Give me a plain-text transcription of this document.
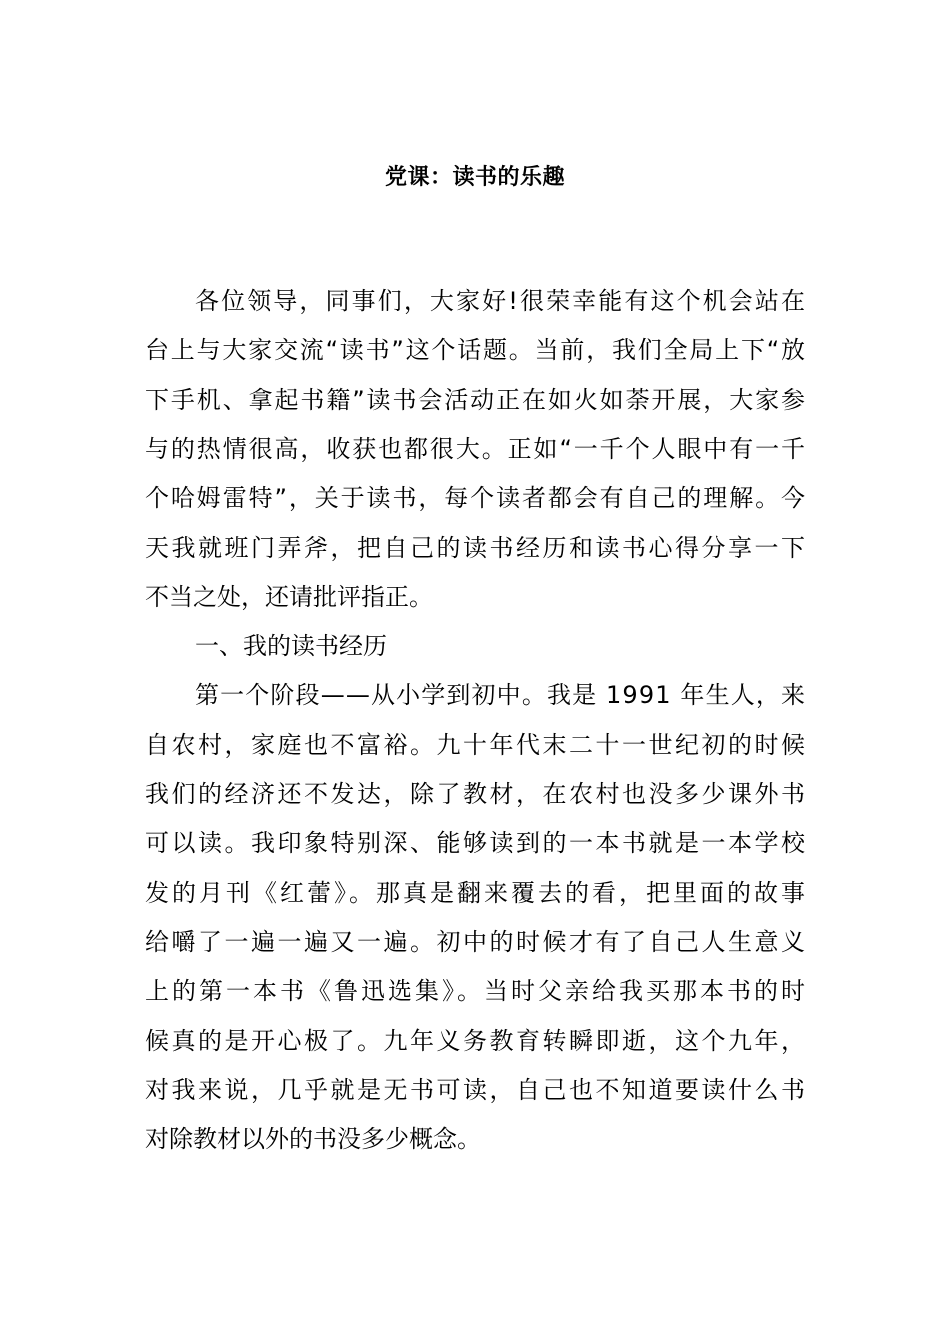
党课：读书的乐趣
各位领导，同事们，大家好!很荣幸能有这个机会站在
台上与大家交流“读书”这个话题。当前，我们全局上下“放
下手机、拿起书籍”读书会活动正在如火如荼开展，大家参
与的热情很高，收获也都很大。正如“一千个人眼中有一千
个哈姆雷特”，关于读书，每个读者都会有自己的理解。今
天我就班门弄斧，把自己的读书经历和读书心得分享一下
不当之处，还请批评指正。
一、我的读书经历
第一个阶段——从小学到初中。我是 1991 年生人，来
自农村，家庭也不富裕。九十年代末二十一世纪初的时候
我们的经济还不发达，除了教材，在农村也没多少课外书
可以读。我印象特别深、能够读到的一本书就是一本学校
发的月刊《红蕾》。那真是翻来覆去的看，把里面的故事
给嚼了一遍一遍又一遍。初中的时候才有了自己人生意义
上的第一本书《鲁迅选集》。当时父亲给我买那本书的时
候真的是开心极了。九年义务教育转瞬即逝，这个九年，
对我来说，几乎就是无书可读，自己也不知道要读什么书
对除教材以外的书没多少概念。
